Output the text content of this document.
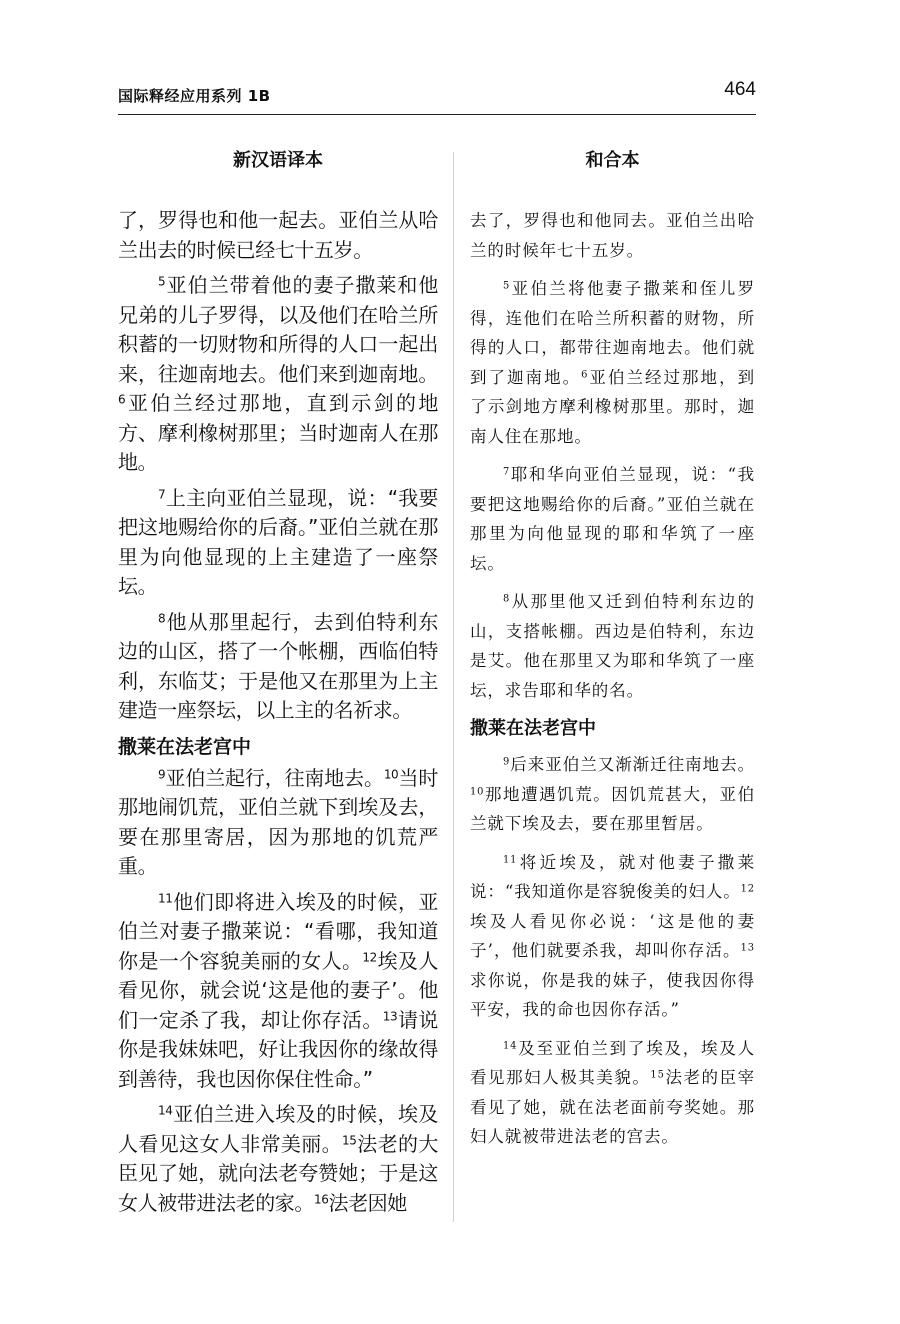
国际释经应用系列 1B	464
新汉语译本

了，罗得也和他一起去。亚伯兰从哈兰出去的时候已经七十五岁。

$^5$亚伯兰带着他的妻子撒莱和他兄弟的儿子罗得，以及他们在哈兰所积蓄的一切财物和所得的人口一起出来，往迦南地去。他们来到迦南地。$^6$亚伯兰经过那地，直到示剑的地方、摩利橡树那里；当时迦南人在那地。

$^7$上主向亚伯兰显现，说：“我要把这地赐给你的后裔。”亚伯兰就在那里为向他显现的上主建造了一座祭坛。

$^8$他从那里起行，去到伯特利东边的山区，搭了一个帐棚，西临伯特利，东临艾；于是他又在那里为上主建造一座祭坛，以上主的名祈求。

撒莱在法老宫中

$^9$亚伯兰起行，往南地去。$^{10}$当时那地闹饥荒，亚伯兰就下到埃及去，要在那里寄居，因为那地的饥荒严重。

$^{11}$他们即将进入埃及的时候，亚伯兰对妻子撒莱说：“看哪，我知道你是一个容貌美丽的女人。$^{12}$埃及人看见你，就会说‘这是他的妻子’。他们一定杀了我，却让你存活。$^{13}$请说你是我妹妹吧，好让我因你的缘故得到善待，我也因你保住性命。”

$^{14}$亚伯兰进入埃及的时候，埃及人看见这女人非常美丽。$^{15}$法老的大臣见了她，就向法老夸赞她；于是这女人被带进法老的家。$^{16}$法老因她

和合本

去了，罗得也和他同去。亚伯兰出哈兰的时候年七十五岁。

$^5$亚伯兰将他妻子撒莱和侄儿罗得，连他们在哈兰所积蓄的财物，所得的人口，都带往迦南地去。他们就到了迦南地。$^6$亚伯兰经过那地，到了示剑地方摩利橡树那里。那时，迦南人住在那地。

$^7$耶和华向亚伯兰显现，说：“我要把这地赐给你的后裔。”亚伯兰就在那里为向他显现的耶和华筑了一座坛。

$^8$从那里他又迁到伯特利东边的山，支搭帐棚。西边是伯特利，东边是艾。他在那里又为耶和华筑了一座坛，求告耶和华的名。

撒莱在法老宫中

$^9$后来亚伯兰又渐渐迁往南地去。$^{10}$那地遭遇饥荒。因饥荒甚大，亚伯兰就下埃及去，要在那里暂居。

$^{11}$将近埃及，就对他妻子撒莱说：“我知道你是容貌俊美的妇人。$^{12}$埃及人看见你必说：‘这是他的妻子’，他们就要杀我，却叫你存活。$^{13}$求你说，你是我的妹子，使我因你得平安，我的命也因你存活。”

$^{14}$及至亚伯兰到了埃及，埃及人看见那妇人极其美貌。$^{15}$法老的臣宰看见了她，就在法老面前夸奖她。那妇人就被带进法老的宫去。
